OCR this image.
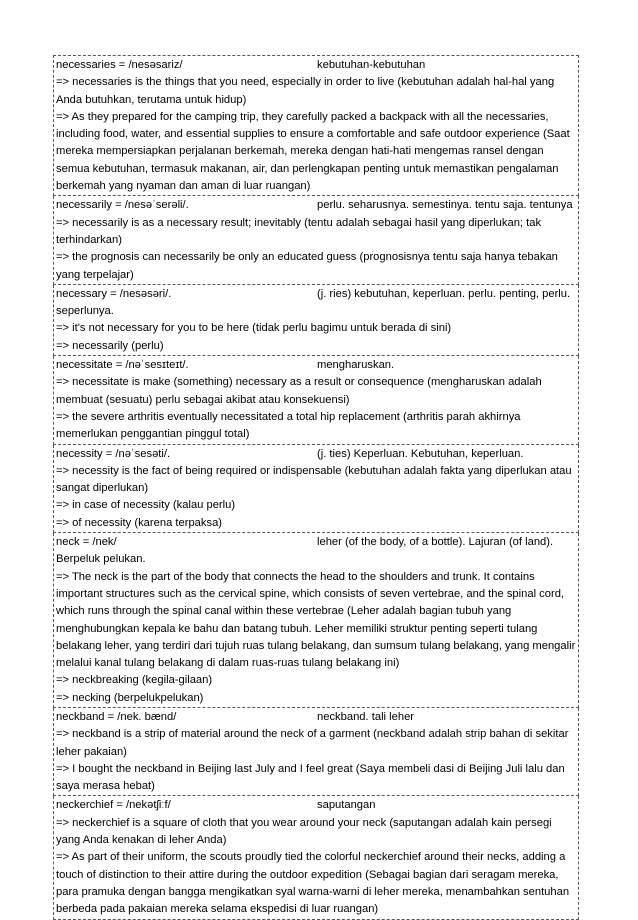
necessaries = /nesəsariz/	kebutuhan-kebutuhan
=> necessaries is the things that you need, especially in order to live (kebutuhan adalah hal-hal yang Anda butuhkan, terutama untuk hidup)
=> As they prepared for the camping trip, they carefully packed a backpack with all the necessaries, including food, water, and essential supplies to ensure a comfortable and safe outdoor experience (Saat mereka mempersiapkan perjalanan berkemah, mereka dengan hati-hati mengemas ransel dengan semua kebutuhan, termasuk makanan, air, dan perlengkapan penting untuk memastikan pengalaman berkemah yang nyaman dan aman di luar ruangan)
necessarily = /nesəˈserəli/.	perlu. seharusnya. semestinya. tentu saja. tentunya
=> necessarily is as a necessary result; inevitably (tentu adalah sebagai hasil yang diperlukan; tak terhindarkan)
=> the prognosis can necessarily be only an educated guess (prognosisnya tentu saja hanya tebakan yang terpelajar)
necessary = /nesəsəri/.	(j. ries) kebutuhan, keperluan. perlu. penting, perlu.
seperlunya.
=> it's not necessary for you to be here (tidak perlu bagimu untuk berada di sini)
=> necessarily (perlu)
necessitate = /nəˈsesɪteɪt/.	mengharuskan.
=> necessitate is make (something) necessary as a result or consequence (mengharuskan adalah membuat (sesuatu) perlu sebagai akibat atau konsekuensi)
=> the severe arthritis eventually necessitated a total hip replacement (arthritis parah akhirnya memerlukan penggantian pinggul total)
necessity = /nəˈsesəti/.	(j. ties) Keperluan. Kebutuhan, keperluan.
=> necessity is the fact of being required or indispensable (kebutuhan adalah fakta yang diperlukan atau sangat diperlukan)
=> in case of necessity (kalau perlu)
=> of necessity (karena terpaksa)
neck = /nek/	leher (of the body, of a bottle). Lajuran (of land).
Berpeluk pelukan.
=> The neck is the part of the body that connects the head to the shoulders and trunk. It contains important structures such as the cervical spine, which consists of seven vertebrae, and the spinal cord, which runs through the spinal canal within these vertebrae (Leher adalah bagian tubuh yang menghubungkan kepala ke bahu dan batang tubuh. Leher memiliki struktur penting seperti tulang belakang leher, yang terdiri dari tujuh ruas tulang belakang, dan sumsum tulang belakang, yang mengalir melalui kanal tulang belakang di dalam ruas-ruas tulang belakang ini)
=> neckbreaking (kegila-gilaan)
=> necking (berpelukpelukan)
neckband = /nek. bænd/	neckband. tali leher
=> neckband is a strip of material around the neck of a garment (neckband adalah strip bahan di sekitar leher pakaian)
=> I bought the neckband in Beijing last July and I feel great (Saya membeli dasi di Beijing Juli lalu dan saya merasa hebat)
neckerchief = /nekətʃiːf/	saputangan
=> neckerchief is a square of cloth that you wear around your neck (saputangan adalah kain persegi yang Anda kenakan di leher Anda)
=> As part of their uniform, the scouts proudly tied the colorful neckerchief around their necks, adding a touch of distinction to their attire during the outdoor expedition (Sebagai bagian dari seragam mereka, para pramuka dengan bangga mengikatkan syal warna-warni di leher mereka, menambahkan sentuhan berbeda pada pakaian mereka selama ekspedisi di luar ruangan)
